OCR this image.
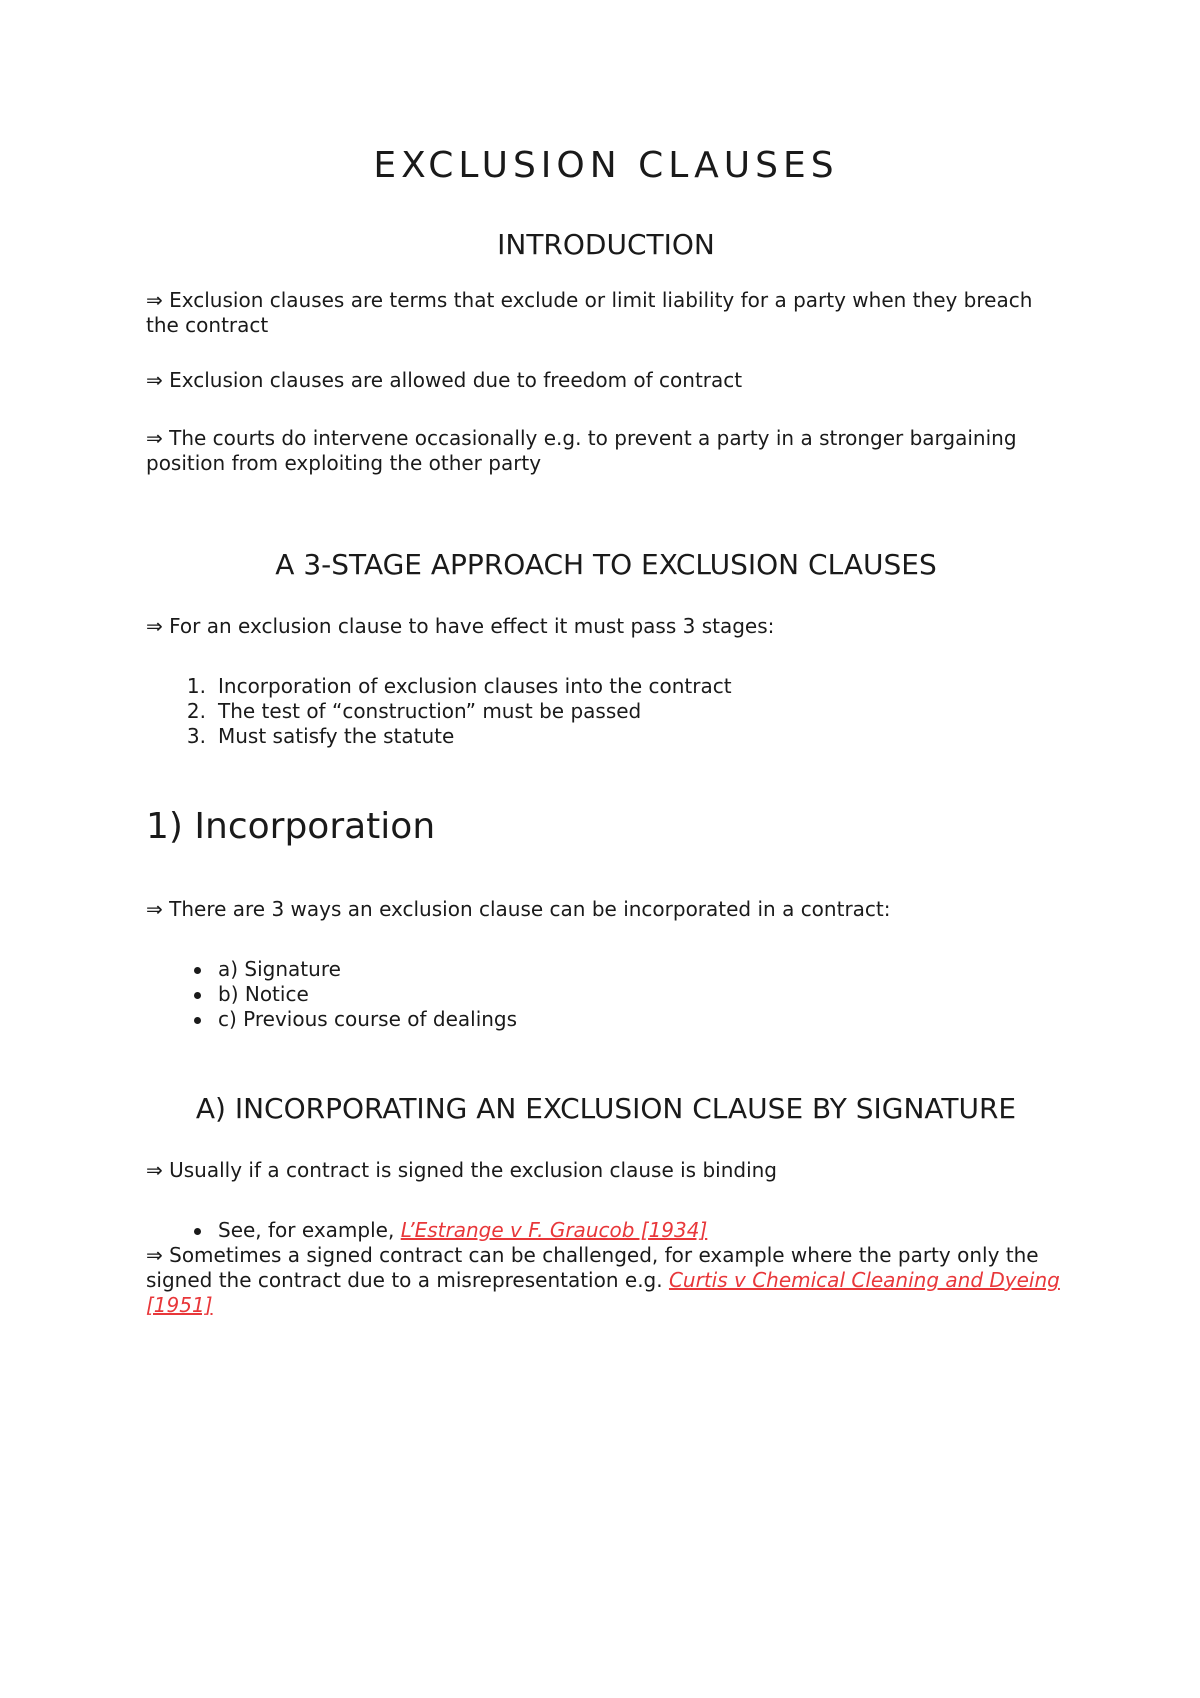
EXCLUSION CLAUSES
INTRODUCTION

⇒ Exclusion clauses are terms that exclude or limit liability for a party when they breach the contract

⇒ Exclusion clauses are allowed due to freedom of contract

⇒ The courts do intervene occasionally e.g. to prevent a party in a stronger bargaining position from exploiting the other party

A 3-STAGE APPROACH TO EXCLUSION CLAUSES

⇒ For an exclusion clause to have effect it must pass 3 stages:

1. Incorporation of exclusion clauses into the contract
2. The test of “construction” must be passed
3. Must satisfy the statute
1) Incorporation

⇒ There are 3 ways an exclusion clause can be incorporated in a contract:

a) Signature
b) Notice
c) Previous course of dealings
A) INCORPORATING AN EXCLUSION CLAUSE BY SIGNATURE

⇒ Usually if a contract is signed the exclusion clause is binding

See, for example, L’Estrange v F. Graucob [1934]

⇒ Sometimes a signed contract can be challenged, for example where the party only the signed the contract due to a misrepresentation e.g. Curtis v Chemical Cleaning and Dyeing [1951]
